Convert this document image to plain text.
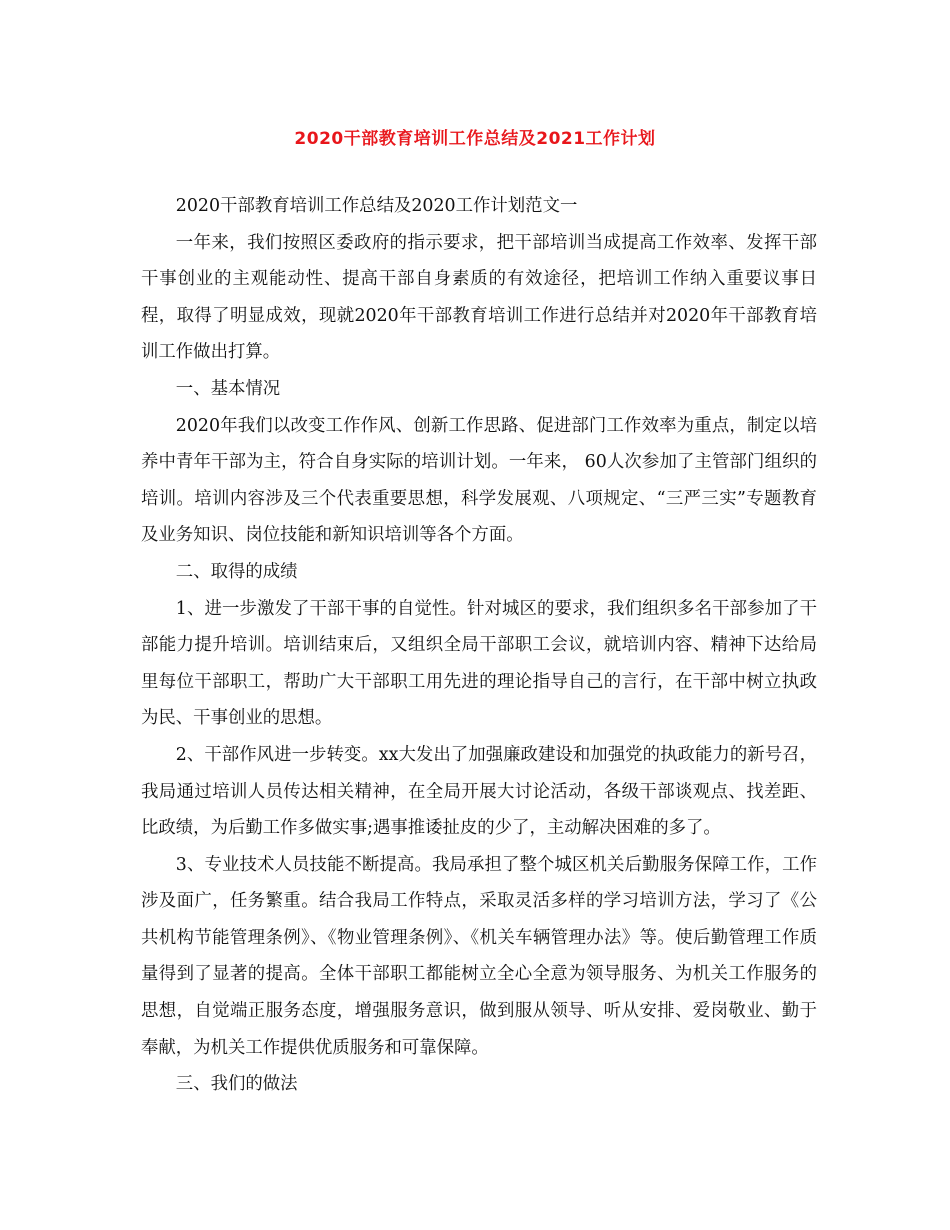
2020干部教育培训工作总结及2021工作计划

2020干部教育培训工作总结及2020工作计划范文一

一年来，我们按照区委政府的指示要求，把干部培训当成提高工作效率、发挥干部干事创业的主观能动性、提高干部自身素质的有效途径，把培训工作纳入重要议事日程，取得了明显成效，现就2020年干部教育培训工作进行总结并对2020年干部教育培训工作做出打算。

一、基本情况

2020年我们以改变工作作风、创新工作思路、促进部门工作效率为重点，制定以培养中青年干部为主，符合自身实际的培训计划。一年来， 60人次参加了主管部门组织的培训。培训内容涉及三个代表重要思想，科学发展观、八项规定、“三严三实”专题教育及业务知识、岗位技能和新知识培训等各个方面。

二、取得的成绩

1、进一步激发了干部干事的自觉性。针对城区的要求，我们组织多名干部参加了干部能力提升培训。培训结束后，又组织全局干部职工会议，就培训内容、精神下达给局里每位干部职工，帮助广大干部职工用先进的理论指导自己的言行，在干部中树立执政为民、干事创业的思想。

2、干部作风进一步转变。xx大发出了加强廉政建设和加强党的执政能力的新号召，我局通过培训人员传达相关精神，在全局开展大讨论活动，各级干部谈观点、找差距、比政绩，为后勤工作多做实事;遇事推诿扯皮的少了，主动解决困难的多了。

3、专业技术人员技能不断提高。我局承担了整个城区机关后勤服务保障工作，工作涉及面广，任务繁重。结合我局工作特点，采取灵活多样的学习培训方法，学习了《公共机构节能管理条例》、《物业管理条例》、《机关车辆管理办法》等。使后勤管理工作质量得到了显著的提高。全体干部职工都能树立全心全意为领导服务、为机关工作服务的思想，自觉端正服务态度，增强服务意识，做到服从领导、听从安排、爱岗敬业、勤于奉献，为机关工作提供优质服务和可靠保障。

三、我们的做法
